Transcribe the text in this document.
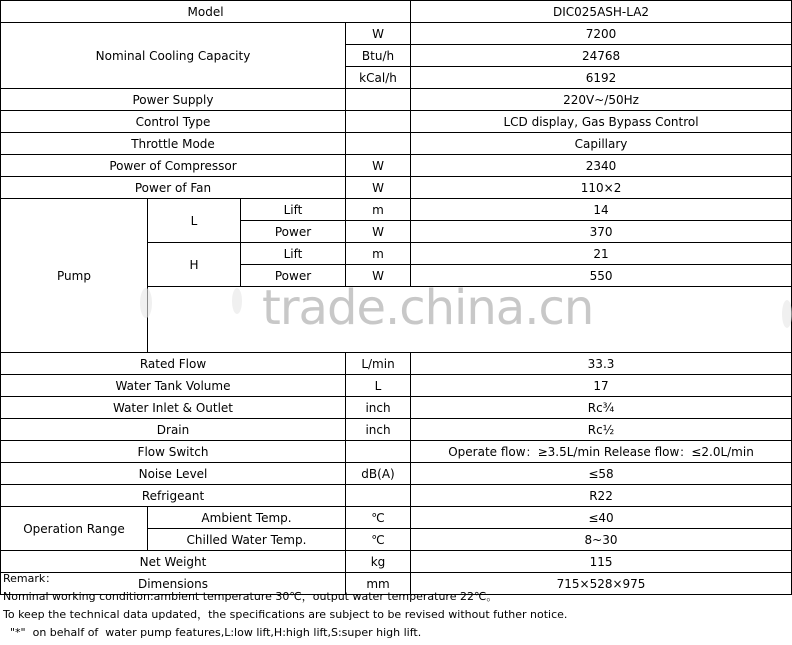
Model				DIC025ASH-LA2
Nominal Cooling Capacity			W	7200
			Btu/h	24768
			kCal/h	6192
Power Supply				220V~/50Hz
Control Type				LCD display, Gas Bypass Control
Throttle Mode				Capillary
Power of Compressor			W	2340
Power of Fan			W	110×2
Pump	L	Lift	m	14
		Power	W	370
	H	Lift	m	21
		Power	W	550

Rated Flow			L/min	33.3
Water Tank Volume			L	17
Water Inlet & Outlet			inch	Rc¾
Drain			inch	Rc½
Flow Switch				Operate flow：≥3.5L/min Release flow：≤2.0L/min
Noise Level			dB(A)	≤58
Refrigeant				R22
Operation Range	Ambient Temp.		℃	≤40
	Chilled Water Temp.		℃	8~30
Net Weight			kg	115
Dimensions			mm	715×528×975
trade.china.cn
Remark：
Nominal working condition:ambient temperature 30℃，output water temperature 22℃。
To keep the technical data updated，the specifications are subject to be revised without futher notice.
"*"  on behalf of  water pump features,L:low lift,H:high lift,S:super high lift.
